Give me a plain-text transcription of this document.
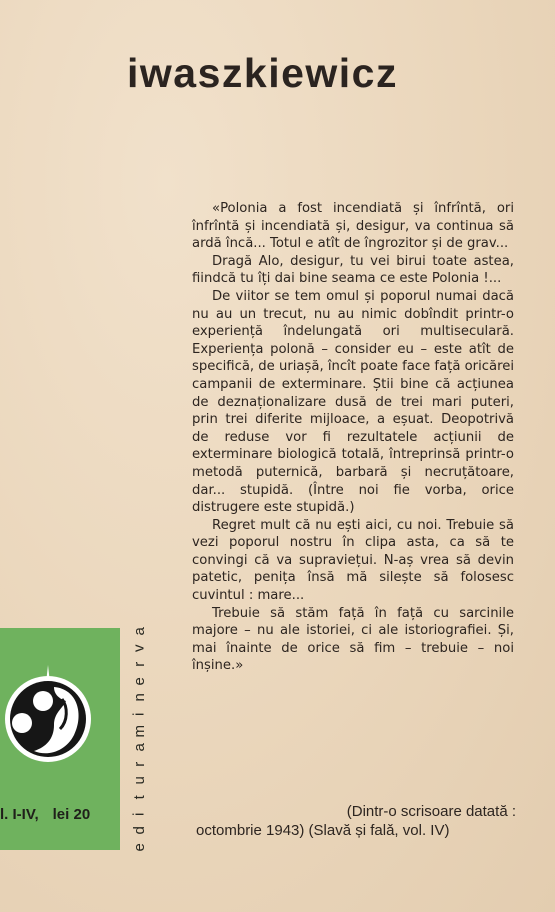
iwaszkiewicz

«Polonia a fost incendiată și înfrîntă, ori înfrîntă și incendiată și, desigur, va continua să ardă încă... Totul e atît de îngrozitor și de grav...

Dragă Alo, desigur, tu vei birui toate astea, fiindcă tu îți dai bine seama ce este Polonia !...

De viitor se tem omul și poporul numai dacă nu au un trecut, nu au nimic dobîndit printr-o experiență îndelungată ori multiseculară. Experiența polonă – consider eu – este atît de specifică, de uriașă, încît poate face față oricărei campanii de exterminare. Știi bine că acțiunea de deznaționalizare dusă de trei mari puteri, prin trei diferite mijloace, a eșuat. Deopotrivă de reduse vor fi rezultatele acțiunii de exterminare biologică totală, întreprinsă printr-o metodă puternică, barbară și necruțătoare, dar... stupidă. (Între noi fie vorba, orice distrugere este stupidă.)

Regret mult că nu ești aici, cu noi. Trebuie să vezi poporul nostru în clipa asta, ca să te convingi că va supraviețui. N-aș vrea să devin patetic, penița însă mă silește să folosesc cuvintul : mare...

Trebuie să stăm față în față cu sarcinile majore – nu ale istoriei, ci ale istoriografiei. Și, mai înainte de orice să fim – trebuie – noi înșine.»

(Dintr-o scrisoare datată :
octombrie 1943) (Slavă și falǎ, vol. IV)
l. I-IV, lei 20
a
v
r
e
n
i
m
a
r
u
t
i
d
e
